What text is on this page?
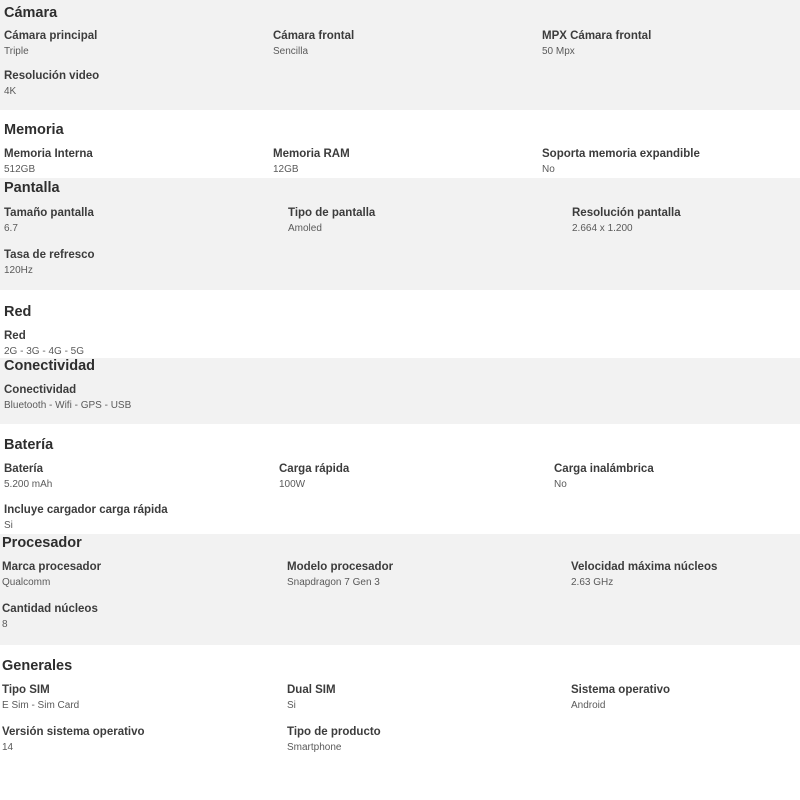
Cámara
Cámara principal
Triple
Cámara frontal
Sencilla
MPX Cámara frontal
50 Mpx
Resolución video
4K
Memoria
Memoria Interna
512GB
Memoria RAM
12GB
Soporta memoria expandible
No
Pantalla
Tamaño pantalla
6.7
Tipo de pantalla
Amoled
Resolución pantalla
2.664 x 1.200
Tasa de refresco
120Hz
Red
Red
2G - 3G - 4G - 5G
Conectividad
Conectividad
Bluetooth - Wifi - GPS - USB
Batería
Batería
5.200 mAh
Carga rápida
100W
Carga inalámbrica
No
Incluye cargador carga rápida
Si
Procesador
Marca procesador
Qualcomm
Modelo procesador
Snapdragon 7 Gen 3
Velocidad máxima núcleos
2.63 GHz
Cantidad núcleos
8
Generales
Tipo SIM
E Sim - Sim Card
Dual SIM
Si
Sistema operativo
Android
Versión sistema operativo
14
Tipo de producto
Smartphone
